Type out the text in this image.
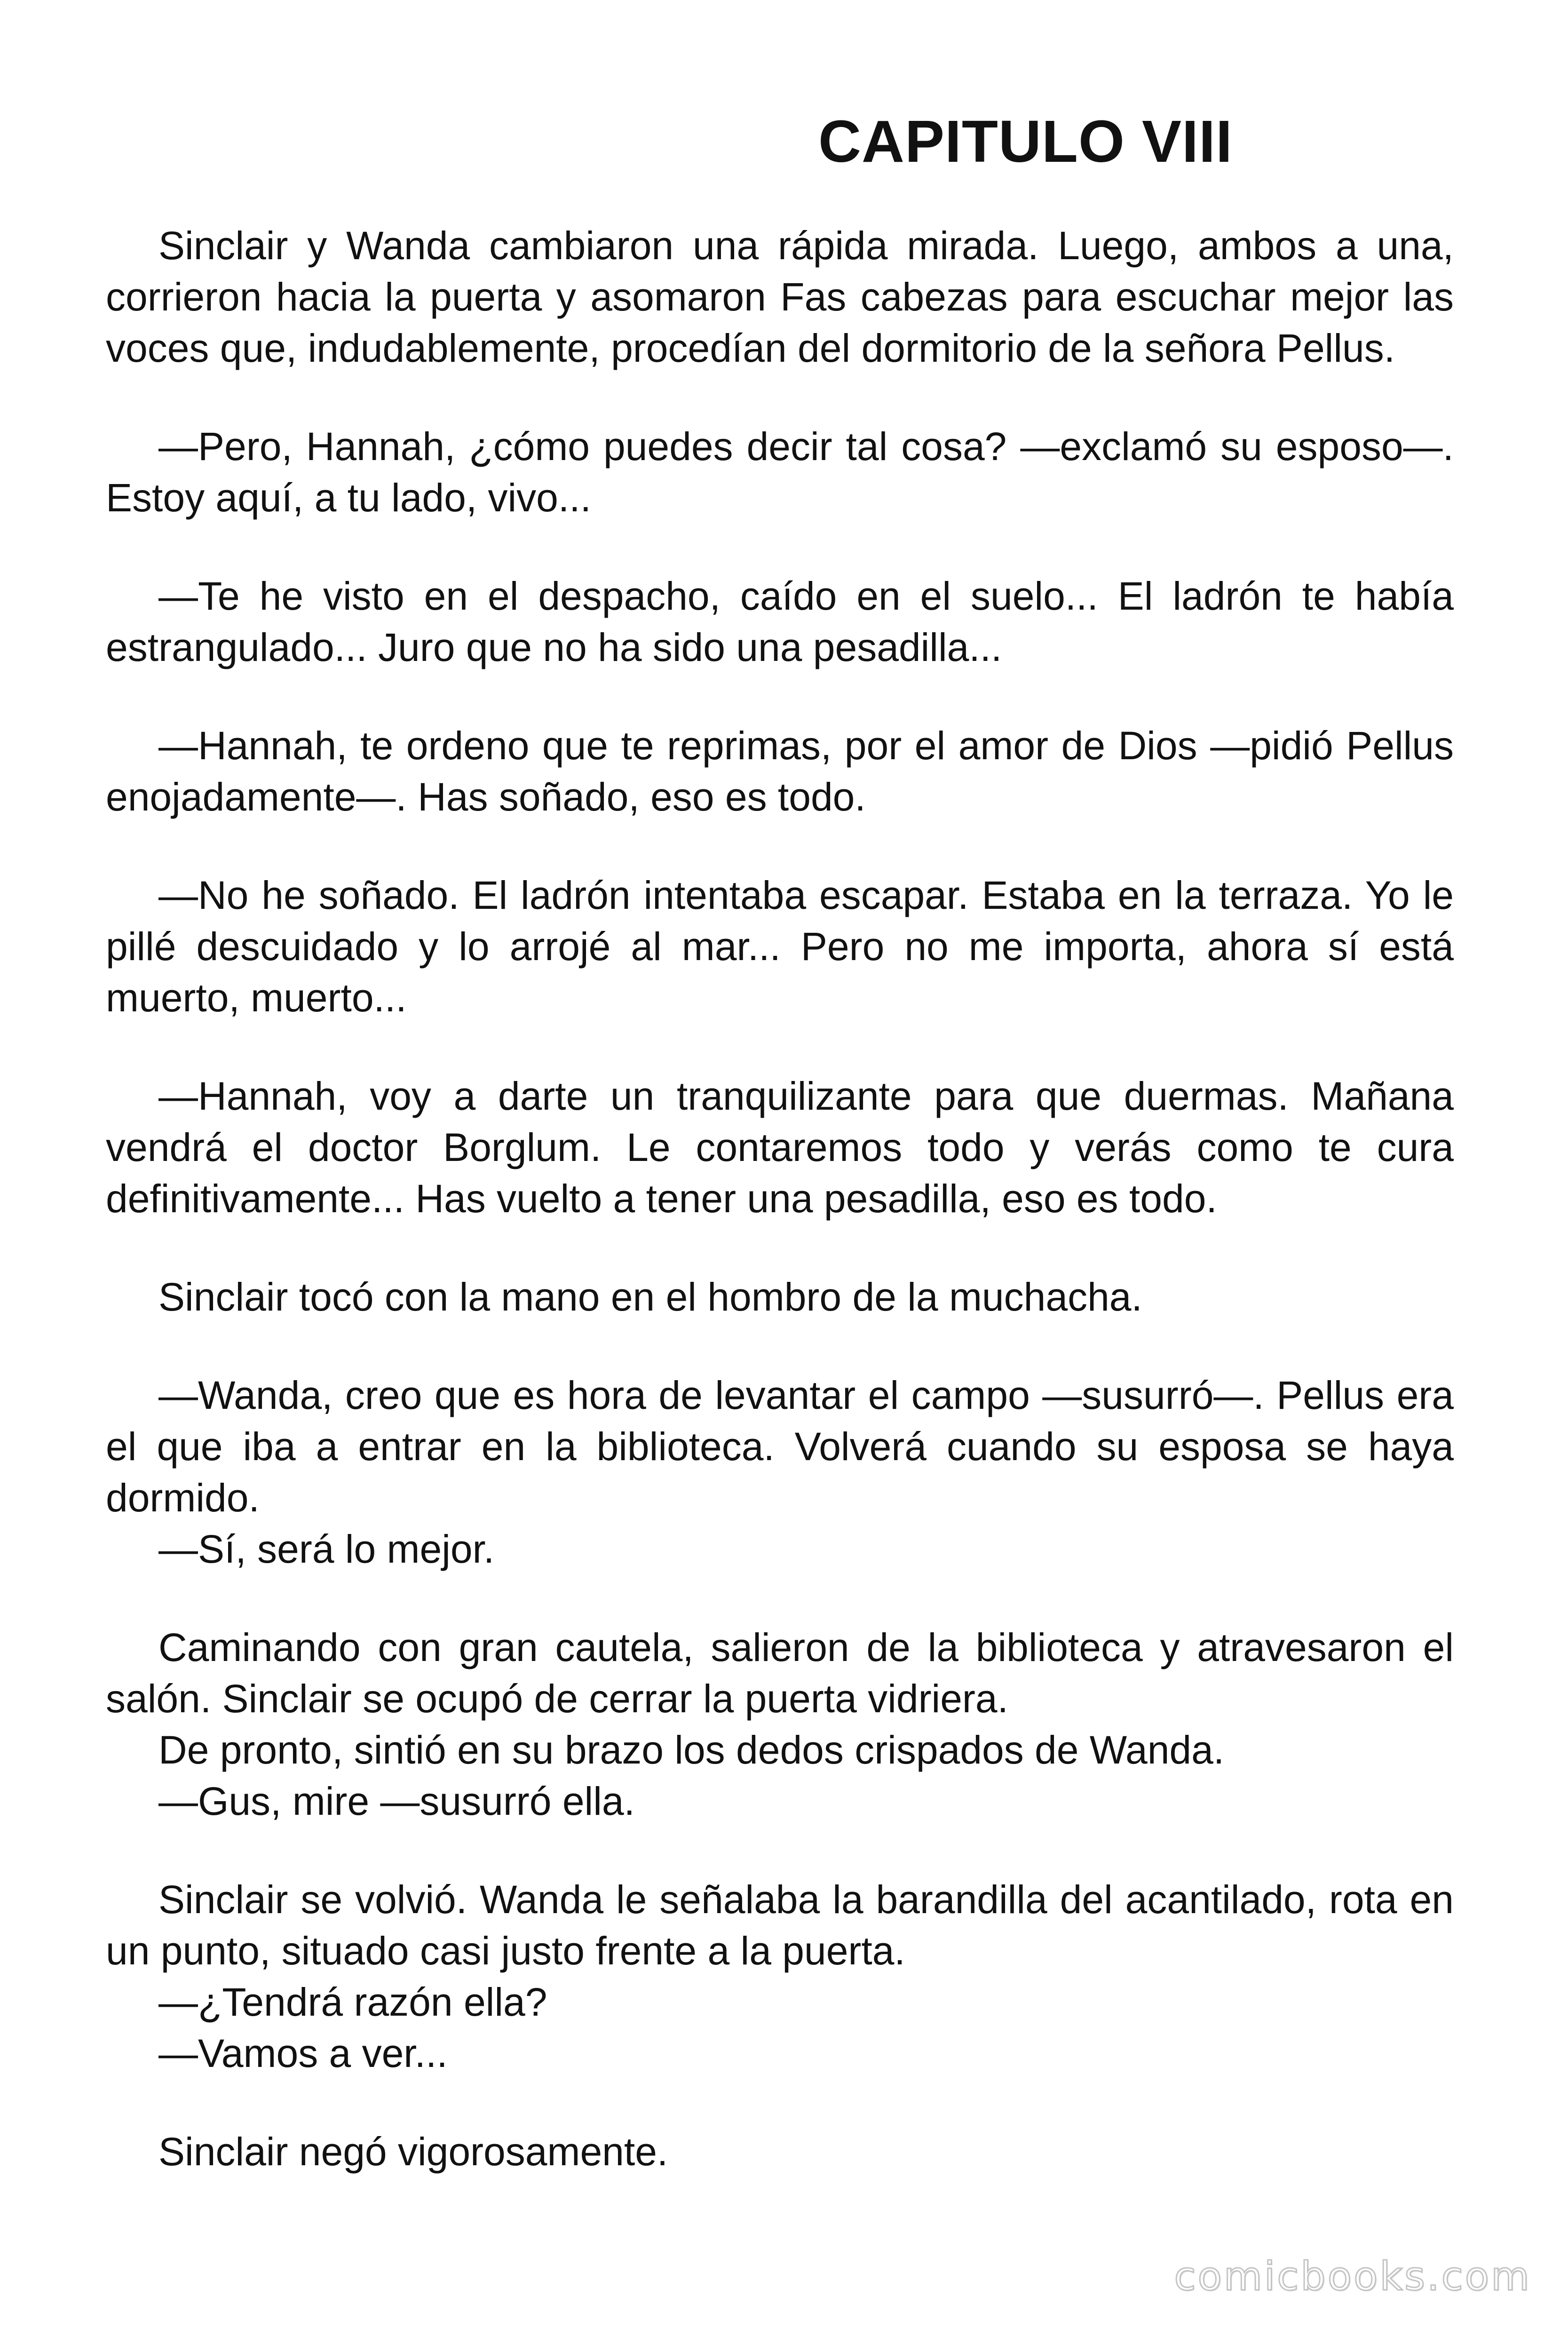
CAPITULO VIII

Sinclair y Wanda cambiaron una rápida mirada. Luego, ambos a una, corrieron hacia la puerta y asomaron Fas cabezas para escuchar mejor las voces que, indudablemente, procedían del dormitorio de la señora Pellus.

—Pero, Hannah, ¿cómo puedes decir tal cosa? —exclamó su esposo—. Estoy aquí, a tu lado, vivo...

—Te he visto en el despacho, caído en el suelo... El ladrón te había estrangulado... Juro que no ha sido una pesadilla...

—Hannah, te ordeno que te reprimas, por el amor de Dios —pidió Pellus enojadamente—. Has soñado, eso es todo.

—No he soñado. El ladrón intentaba escapar. Estaba en la terraza. Yo le pillé descuidado y lo arrojé al mar... Pero no me importa, ahora sí está muerto, muerto...

—Hannah, voy a darte un tranquilizante para que duermas. Mañana vendrá el doctor Borglum. Le contaremos todo y verás como te cura definitivamente... Has vuelto a tener una pesadilla, eso es todo.

Sinclair tocó con la mano en el hombro de la muchacha.

—Wanda, creo que es hora de levantar el campo —susurró—. Pellus era el que iba a entrar en la biblioteca. Volverá cuando su esposa se haya dormido.

—Sí, será lo mejor.

Caminando con gran cautela, salieron de la biblioteca y atravesaron el salón. Sinclair se ocupó de cerrar la puerta vidriera.

De pronto, sintió en su brazo los dedos crispados de Wanda.

—Gus, mire —susurró ella.

Sinclair se volvió. Wanda le señalaba la barandilla del acantilado, rota en un punto, situado casi justo frente a la puerta.

—¿Tendrá razón ella?

—Vamos a ver...

Sinclair negó vigorosamente.

comicbooks.com
